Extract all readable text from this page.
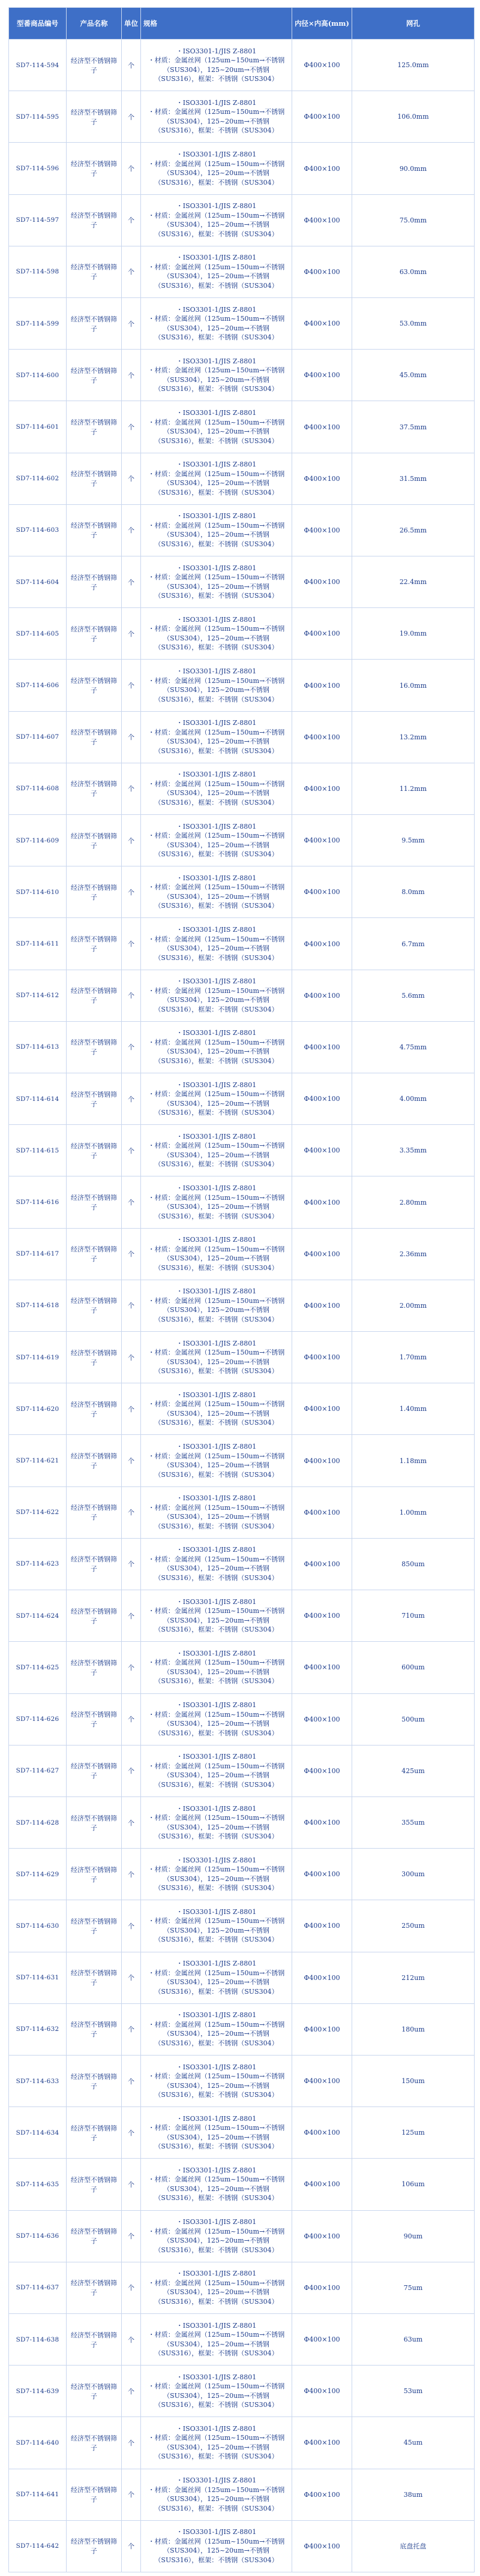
型番商品编号	产品名称	单位	规格	内径×内高(mm)	网孔
SD7-114-594	经济型不锈钢筛子	个	・ISO3301-1/JIS Z-8801
・材质：金属丝网（125um~150um→不锈钢
（SUS304），125~20um→不锈钢
（SUS316），框架：不锈钢（SUS304）	Φ400×100	125.0mm
SD7-114-595	经济型不锈钢筛子	个	・ISO3301-1/JIS Z-8801
・材质：金属丝网（125um~150um→不锈钢
（SUS304），125~20um→不锈钢
（SUS316），框架：不锈钢（SUS304）	Φ400×100	106.0mm
SD7-114-596	经济型不锈钢筛子	个	・ISO3301-1/JIS Z-8801
・材质：金属丝网（125um~150um→不锈钢
（SUS304），125~20um→不锈钢
（SUS316），框架：不锈钢（SUS304）	Φ400×100	90.0mm
SD7-114-597	经济型不锈钢筛子	个	・ISO3301-1/JIS Z-8801
・材质：金属丝网（125um~150um→不锈钢
（SUS304），125~20um→不锈钢
（SUS316），框架：不锈钢（SUS304）	Φ400×100	75.0mm
SD7-114-598	经济型不锈钢筛子	个	・ISO3301-1/JIS Z-8801
・材质：金属丝网（125um~150um→不锈钢
（SUS304），125~20um→不锈钢
（SUS316），框架：不锈钢（SUS304）	Φ400×100	63.0mm
SD7-114-599	经济型不锈钢筛子	个	・ISO3301-1/JIS Z-8801
・材质：金属丝网（125um~150um→不锈钢
（SUS304），125~20um→不锈钢
（SUS316），框架：不锈钢（SUS304）	Φ400×100	53.0mm
SD7-114-600	经济型不锈钢筛子	个	・ISO3301-1/JIS Z-8801
・材质：金属丝网（125um~150um→不锈钢
（SUS304），125~20um→不锈钢
（SUS316），框架：不锈钢（SUS304）	Φ400×100	45.0mm
SD7-114-601	经济型不锈钢筛子	个	・ISO3301-1/JIS Z-8801
・材质：金属丝网（125um~150um→不锈钢
（SUS304），125~20um→不锈钢
（SUS316），框架：不锈钢（SUS304）	Φ400×100	37.5mm
SD7-114-602	经济型不锈钢筛子	个	・ISO3301-1/JIS Z-8801
・材质：金属丝网（125um~150um→不锈钢
（SUS304），125~20um→不锈钢
（SUS316），框架：不锈钢（SUS304）	Φ400×100	31.5mm
SD7-114-603	经济型不锈钢筛子	个	・ISO3301-1/JIS Z-8801
・材质：金属丝网（125um~150um→不锈钢
（SUS304），125~20um→不锈钢
（SUS316），框架：不锈钢（SUS304）	Φ400×100	26.5mm
SD7-114-604	经济型不锈钢筛子	个	・ISO3301-1/JIS Z-8801
・材质：金属丝网（125um~150um→不锈钢
（SUS304），125~20um→不锈钢
（SUS316），框架：不锈钢（SUS304）	Φ400×100	22.4mm
SD7-114-605	经济型不锈钢筛子	个	・ISO3301-1/JIS Z-8801
・材质：金属丝网（125um~150um→不锈钢
（SUS304），125~20um→不锈钢
（SUS316），框架：不锈钢（SUS304）	Φ400×100	19.0mm
SD7-114-606	经济型不锈钢筛子	个	・ISO3301-1/JIS Z-8801
・材质：金属丝网（125um~150um→不锈钢
（SUS304），125~20um→不锈钢
（SUS316），框架：不锈钢（SUS304）	Φ400×100	16.0mm
SD7-114-607	经济型不锈钢筛子	个	・ISO3301-1/JIS Z-8801
・材质：金属丝网（125um~150um→不锈钢
（SUS304），125~20um→不锈钢
（SUS316），框架：不锈钢（SUS304）	Φ400×100	13.2mm
SD7-114-608	经济型不锈钢筛子	个	・ISO3301-1/JIS Z-8801
・材质：金属丝网（125um~150um→不锈钢
（SUS304），125~20um→不锈钢
（SUS316），框架：不锈钢（SUS304）	Φ400×100	11.2mm
SD7-114-609	经济型不锈钢筛子	个	・ISO3301-1/JIS Z-8801
・材质：金属丝网（125um~150um→不锈钢
（SUS304），125~20um→不锈钢
（SUS316），框架：不锈钢（SUS304）	Φ400×100	9.5mm
SD7-114-610	经济型不锈钢筛子	个	・ISO3301-1/JIS Z-8801
・材质：金属丝网（125um~150um→不锈钢
（SUS304），125~20um→不锈钢
（SUS316），框架：不锈钢（SUS304）	Φ400×100	8.0mm
SD7-114-611	经济型不锈钢筛子	个	・ISO3301-1/JIS Z-8801
・材质：金属丝网（125um~150um→不锈钢
（SUS304），125~20um→不锈钢
（SUS316），框架：不锈钢（SUS304）	Φ400×100	6.7mm
SD7-114-612	经济型不锈钢筛子	个	・ISO3301-1/JIS Z-8801
・材质：金属丝网（125um~150um→不锈钢
（SUS304），125~20um→不锈钢
（SUS316），框架：不锈钢（SUS304）	Φ400×100	5.6mm
SD7-114-613	经济型不锈钢筛子	个	・ISO3301-1/JIS Z-8801
・材质：金属丝网（125um~150um→不锈钢
（SUS304），125~20um→不锈钢
（SUS316），框架：不锈钢（SUS304）	Φ400×100	4.75mm
SD7-114-614	经济型不锈钢筛子	个	・ISO3301-1/JIS Z-8801
・材质：金属丝网（125um~150um→不锈钢
（SUS304），125~20um→不锈钢
（SUS316），框架：不锈钢（SUS304）	Φ400×100	4.00mm
SD7-114-615	经济型不锈钢筛子	个	・ISO3301-1/JIS Z-8801
・材质：金属丝网（125um~150um→不锈钢
（SUS304），125~20um→不锈钢
（SUS316），框架：不锈钢（SUS304）	Φ400×100	3.35mm
SD7-114-616	经济型不锈钢筛子	个	・ISO3301-1/JIS Z-8801
・材质：金属丝网（125um~150um→不锈钢
（SUS304），125~20um→不锈钢
（SUS316），框架：不锈钢（SUS304）	Φ400×100	2.80mm
SD7-114-617	经济型不锈钢筛子	个	・ISO3301-1/JIS Z-8801
・材质：金属丝网（125um~150um→不锈钢
（SUS304），125~20um→不锈钢
（SUS316），框架：不锈钢（SUS304）	Φ400×100	2.36mm
SD7-114-618	经济型不锈钢筛子	个	・ISO3301-1/JIS Z-8801
・材质：金属丝网（125um~150um→不锈钢
（SUS304），125~20um→不锈钢
（SUS316），框架：不锈钢（SUS304）	Φ400×100	2.00mm
SD7-114-619	经济型不锈钢筛子	个	・ISO3301-1/JIS Z-8801
・材质：金属丝网（125um~150um→不锈钢
（SUS304），125~20um→不锈钢
（SUS316），框架：不锈钢（SUS304）	Φ400×100	1.70mm
SD7-114-620	经济型不锈钢筛子	个	・ISO3301-1/JIS Z-8801
・材质：金属丝网（125um~150um→不锈钢
（SUS304），125~20um→不锈钢
（SUS316），框架：不锈钢（SUS304）	Φ400×100	1.40mm
SD7-114-621	经济型不锈钢筛子	个	・ISO3301-1/JIS Z-8801
・材质：金属丝网（125um~150um→不锈钢
（SUS304），125~20um→不锈钢
（SUS316），框架：不锈钢（SUS304）	Φ400×100	1.18mm
SD7-114-622	经济型不锈钢筛子	个	・ISO3301-1/JIS Z-8801
・材质：金属丝网（125um~150um→不锈钢
（SUS304），125~20um→不锈钢
（SUS316），框架：不锈钢（SUS304）	Φ400×100	1.00mm
SD7-114-623	经济型不锈钢筛子	个	・ISO3301-1/JIS Z-8801
・材质：金属丝网（125um~150um→不锈钢
（SUS304），125~20um→不锈钢
（SUS316），框架：不锈钢（SUS304）	Φ400×100	850um
SD7-114-624	经济型不锈钢筛子	个	・ISO3301-1/JIS Z-8801
・材质：金属丝网（125um~150um→不锈钢
（SUS304），125~20um→不锈钢
（SUS316），框架：不锈钢（SUS304）	Φ400×100	710um
SD7-114-625	经济型不锈钢筛子	个	・ISO3301-1/JIS Z-8801
・材质：金属丝网（125um~150um→不锈钢
（SUS304），125~20um→不锈钢
（SUS316），框架：不锈钢（SUS304）	Φ400×100	600um
SD7-114-626	经济型不锈钢筛子	个	・ISO3301-1/JIS Z-8801
・材质：金属丝网（125um~150um→不锈钢
（SUS304），125~20um→不锈钢
（SUS316），框架：不锈钢（SUS304）	Φ400×100	500um
SD7-114-627	经济型不锈钢筛子	个	・ISO3301-1/JIS Z-8801
・材质：金属丝网（125um~150um→不锈钢
（SUS304），125~20um→不锈钢
（SUS316），框架：不锈钢（SUS304）	Φ400×100	425um
SD7-114-628	经济型不锈钢筛子	个	・ISO3301-1/JIS Z-8801
・材质：金属丝网（125um~150um→不锈钢
（SUS304），125~20um→不锈钢
（SUS316），框架：不锈钢（SUS304）	Φ400×100	355um
SD7-114-629	经济型不锈钢筛子	个	・ISO3301-1/JIS Z-8801
・材质：金属丝网（125um~150um→不锈钢
（SUS304），125~20um→不锈钢
（SUS316），框架：不锈钢（SUS304）	Φ400×100	300um
SD7-114-630	经济型不锈钢筛子	个	・ISO3301-1/JIS Z-8801
・材质：金属丝网（125um~150um→不锈钢
（SUS304），125~20um→不锈钢
（SUS316），框架：不锈钢（SUS304）	Φ400×100	250um
SD7-114-631	经济型不锈钢筛子	个	・ISO3301-1/JIS Z-8801
・材质：金属丝网（125um~150um→不锈钢
（SUS304），125~20um→不锈钢
（SUS316），框架：不锈钢（SUS304）	Φ400×100	212um
SD7-114-632	经济型不锈钢筛子	个	・ISO3301-1/JIS Z-8801
・材质：金属丝网（125um~150um→不锈钢
（SUS304），125~20um→不锈钢
（SUS316），框架：不锈钢（SUS304）	Φ400×100	180um
SD7-114-633	经济型不锈钢筛子	个	・ISO3301-1/JIS Z-8801
・材质：金属丝网（125um~150um→不锈钢
（SUS304），125~20um→不锈钢
（SUS316），框架：不锈钢（SUS304）	Φ400×100	150um
SD7-114-634	经济型不锈钢筛子	个	・ISO3301-1/JIS Z-8801
・材质：金属丝网（125um~150um→不锈钢
（SUS304），125~20um→不锈钢
（SUS316），框架：不锈钢（SUS304）	Φ400×100	125um
SD7-114-635	经济型不锈钢筛子	个	・ISO3301-1/JIS Z-8801
・材质：金属丝网（125um~150um→不锈钢
（SUS304），125~20um→不锈钢
（SUS316），框架：不锈钢（SUS304）	Φ400×100	106um
SD7-114-636	经济型不锈钢筛子	个	・ISO3301-1/JIS Z-8801
・材质：金属丝网（125um~150um→不锈钢
（SUS304），125~20um→不锈钢
（SUS316），框架：不锈钢（SUS304）	Φ400×100	90um
SD7-114-637	经济型不锈钢筛子	个	・ISO3301-1/JIS Z-8801
・材质：金属丝网（125um~150um→不锈钢
（SUS304），125~20um→不锈钢
（SUS316），框架：不锈钢（SUS304）	Φ400×100	75um
SD7-114-638	经济型不锈钢筛子	个	・ISO3301-1/JIS Z-8801
・材质：金属丝网（125um~150um→不锈钢
（SUS304），125~20um→不锈钢
（SUS316），框架：不锈钢（SUS304）	Φ400×100	63um
SD7-114-639	经济型不锈钢筛子	个	・ISO3301-1/JIS Z-8801
・材质：金属丝网（125um~150um→不锈钢
（SUS304），125~20um→不锈钢
（SUS316），框架：不锈钢（SUS304）	Φ400×100	53um
SD7-114-640	经济型不锈钢筛子	个	・ISO3301-1/JIS Z-8801
・材质：金属丝网（125um~150um→不锈钢
（SUS304），125~20um→不锈钢
（SUS316），框架：不锈钢（SUS304）	Φ400×100	45um
SD7-114-641	经济型不锈钢筛子	个	・ISO3301-1/JIS Z-8801
・材质：金属丝网（125um~150um→不锈钢
（SUS304），125~20um→不锈钢
（SUS316），框架：不锈钢（SUS304）	Φ400×100	38um
SD7-114-642	经济型不锈钢筛子	个	・ISO3301-1/JIS Z-8801
・材质：金属丝网（125um~150um→不锈钢
（SUS304），125~20um→不锈钢
（SUS316），框架：不锈钢（SUS304）	Φ400×100	底盘托盘
